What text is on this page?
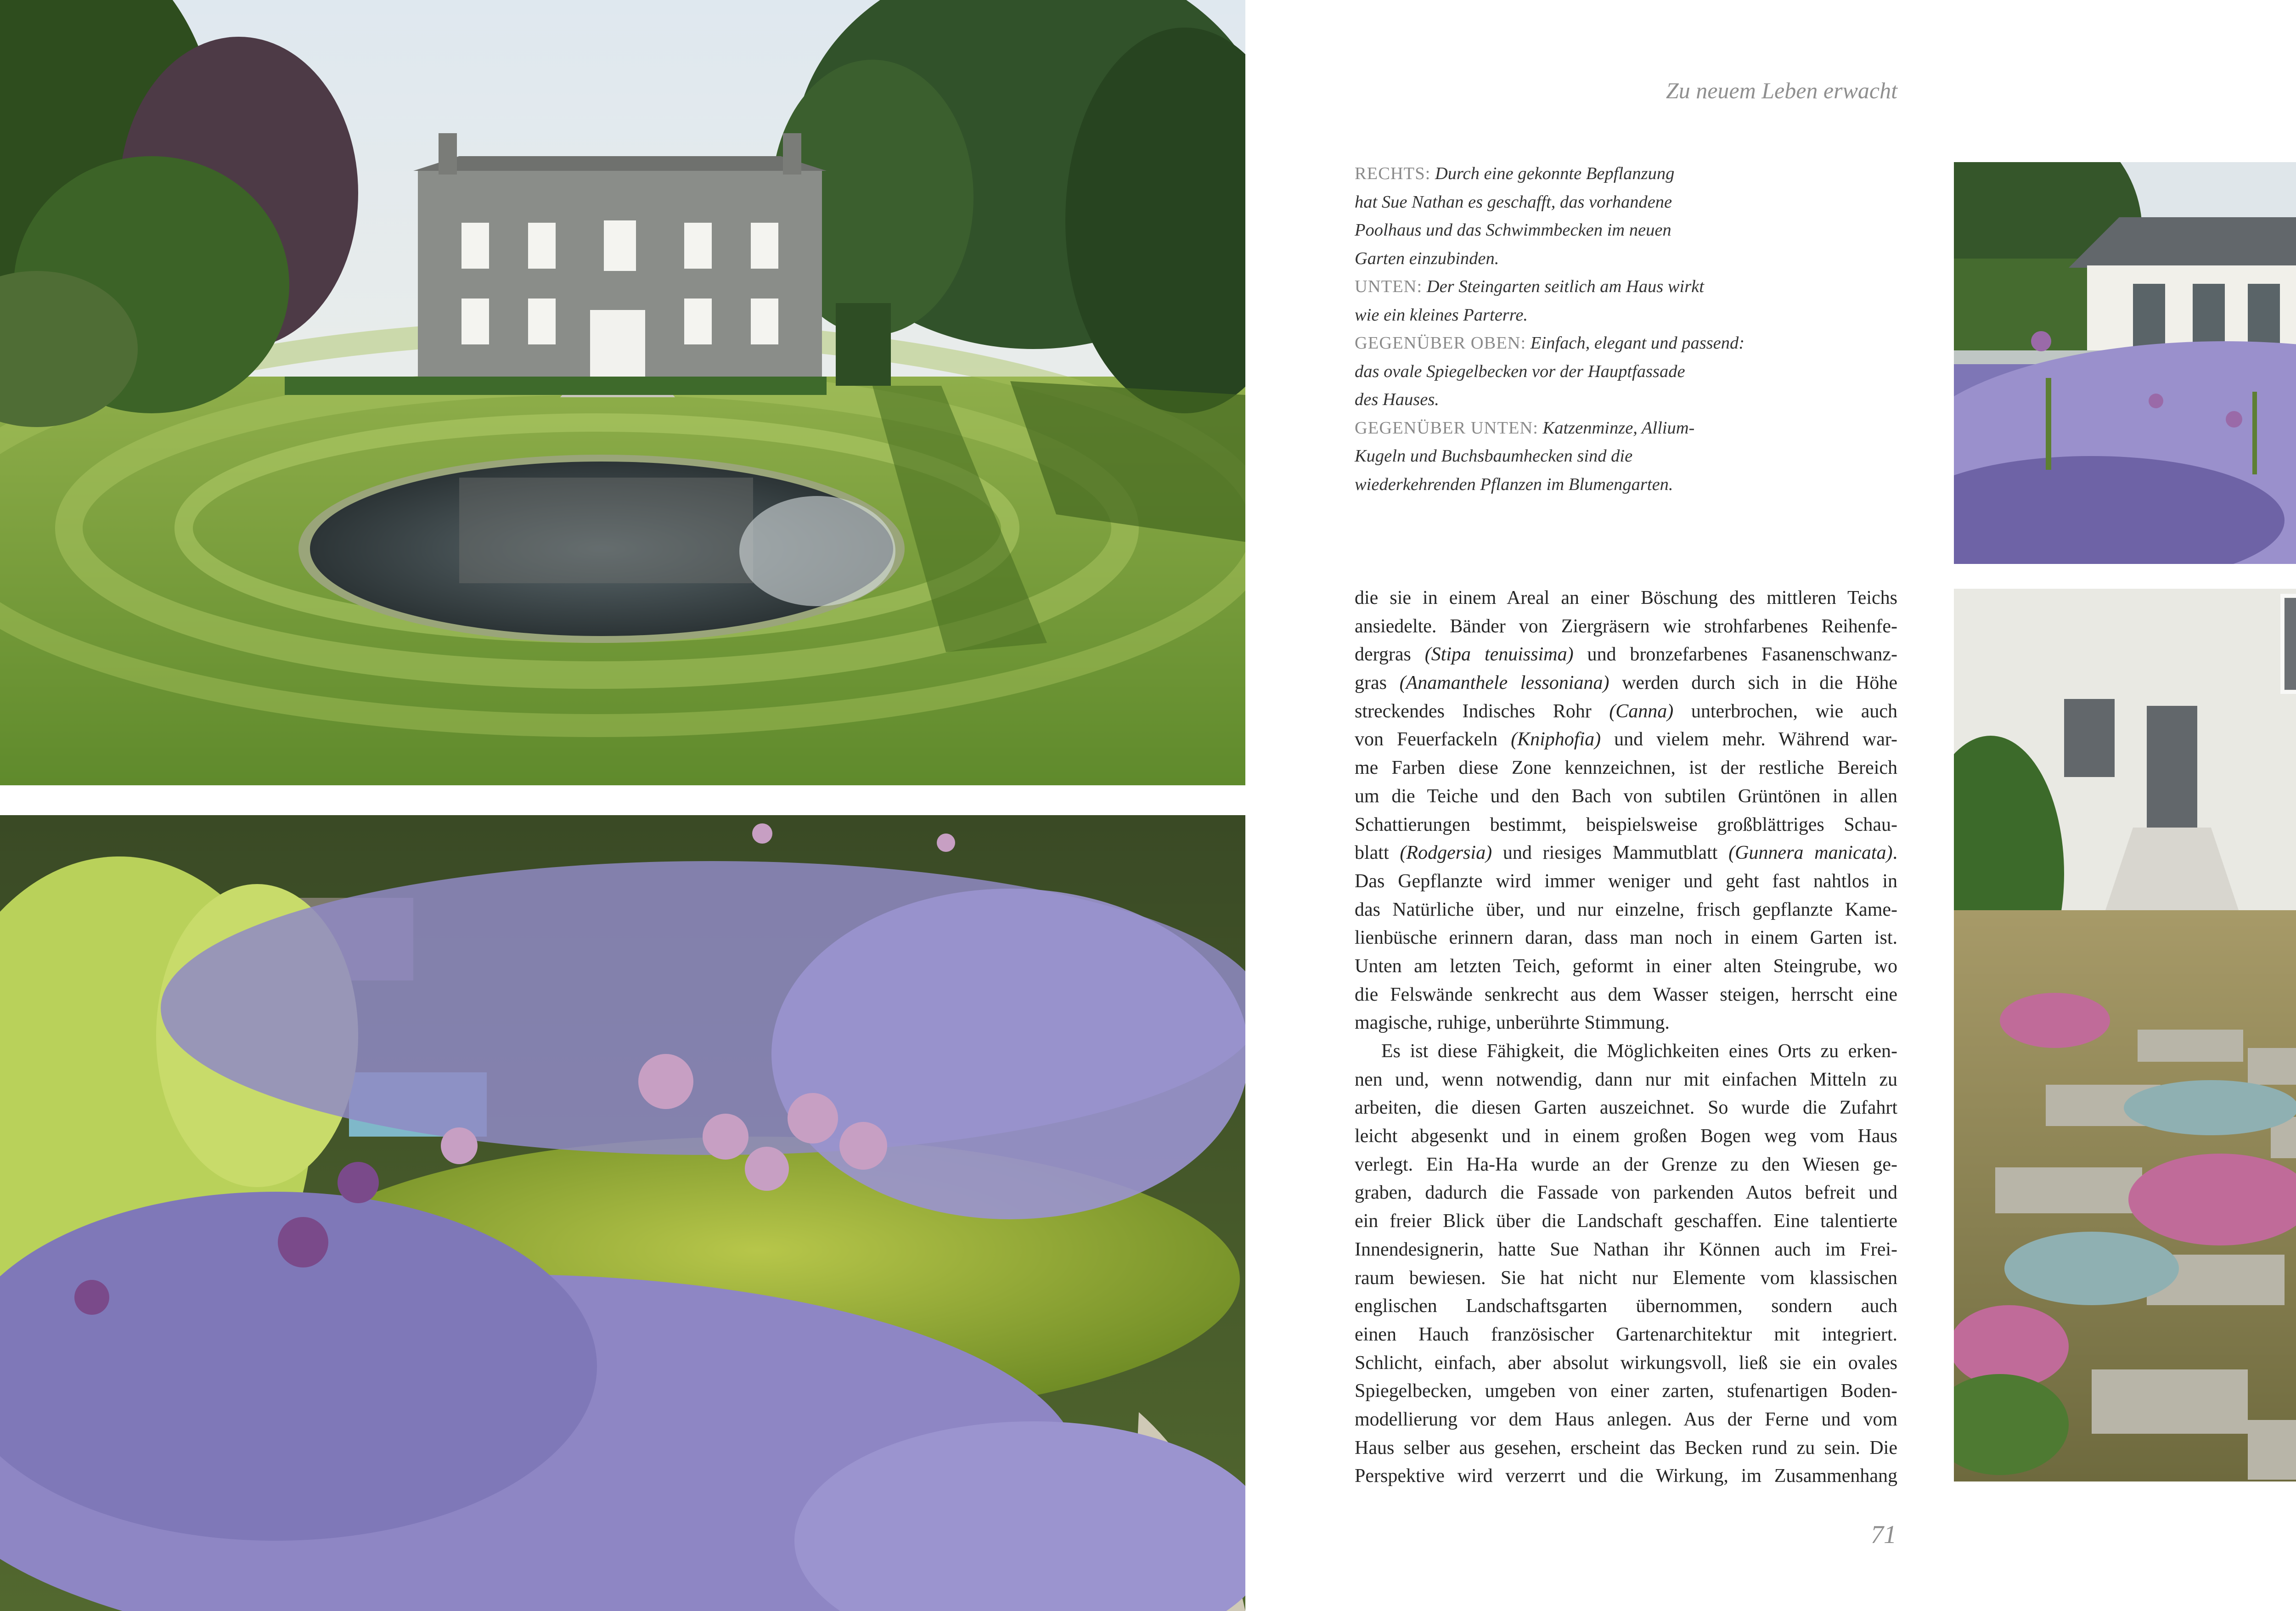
Zu neuem Leben erwacht
RECHTS: Durch eine gekonnte Bepflanzung
hat Sue Nathan es geschafft, das vorhandene
Poolhaus und das Schwimmbecken im neuen
Garten einzubinden.
UNTEN: Der Steingarten seitlich am Haus wirkt
wie ein kleines Parterre.
GEGENÜBER OBEN: Einfach, elegant und passend:
das ovale Spiegelbecken vor der Hauptfassade
des Hauses.
GEGENÜBER UNTEN: Katzenminze, Allium-
Kugeln und Buchsbaumhecken sind die
wiederkehrenden Pflanzen im Blumengarten.
die sie in einem Areal an einer Böschung des mittleren Teichs
ansiedelte. Bänder von Ziergräsern wie strohfarbenes Reihenfe-
dergras (Stipa tenuissima) und bronzefarbenes Fasanenschwanz-
gras (Anamanthele lessoniana) werden durch sich in die Höhe
streckendes Indisches Rohr (Canna) unterbrochen, wie auch
von Feuerfackeln (Kniphofia) und vielem mehr. Während war-
me Farben diese Zone kennzeichnen, ist der restliche Bereich
um die Teiche und den Bach von subtilen Grüntönen in allen
Schattierungen bestimmt, beispielsweise großblättriges Schau-
blatt (Rodgersia) und riesiges Mammutblatt (Gunnera manicata).
Das Gepflanzte wird immer weniger und geht fast nahtlos in
das Natürliche über, und nur einzelne, frisch gepflanzte Kame-
lienbüsche erinnern daran, dass man noch in einem Garten ist.
Unten am letzten Teich, geformt in einer alten Steingrube, wo
die Felswände senkrecht aus dem Wasser steigen, herrscht eine
magische, ruhige, unberührte Stimmung.
Es ist diese Fähigkeit, die Möglichkeiten eines Orts zu erken-
nen und, wenn notwendig, dann nur mit einfachen Mitteln zu
arbeiten, die diesen Garten auszeichnet. So wurde die Zufahrt
leicht abgesenkt und in einem großen Bogen weg vom Haus
verlegt. Ein Ha-Ha wurde an der Grenze zu den Wiesen ge-
graben, dadurch die Fassade von parkenden Autos befreit und
ein freier Blick über die Landschaft geschaffen. Eine talentierte
Innendesignerin, hatte Sue Nathan ihr Können auch im Frei-
raum bewiesen. Sie hat nicht nur Elemente vom klassischen
englischen Landschaftsgarten übernommen, sondern auch
einen Hauch französischer Gartenarchitektur mit integriert.
Schlicht, einfach, aber absolut wirkungsvoll, ließ sie ein ovales
Spiegelbecken, umgeben von einer zarten, stufenartigen Boden-
modellierung vor dem Haus anlegen. Aus der Ferne und vom
Haus selber aus gesehen, erscheint das Becken rund zu sein. Die
Perspektive wird verzerrt und die Wirkung, im Zusammenhang
71
